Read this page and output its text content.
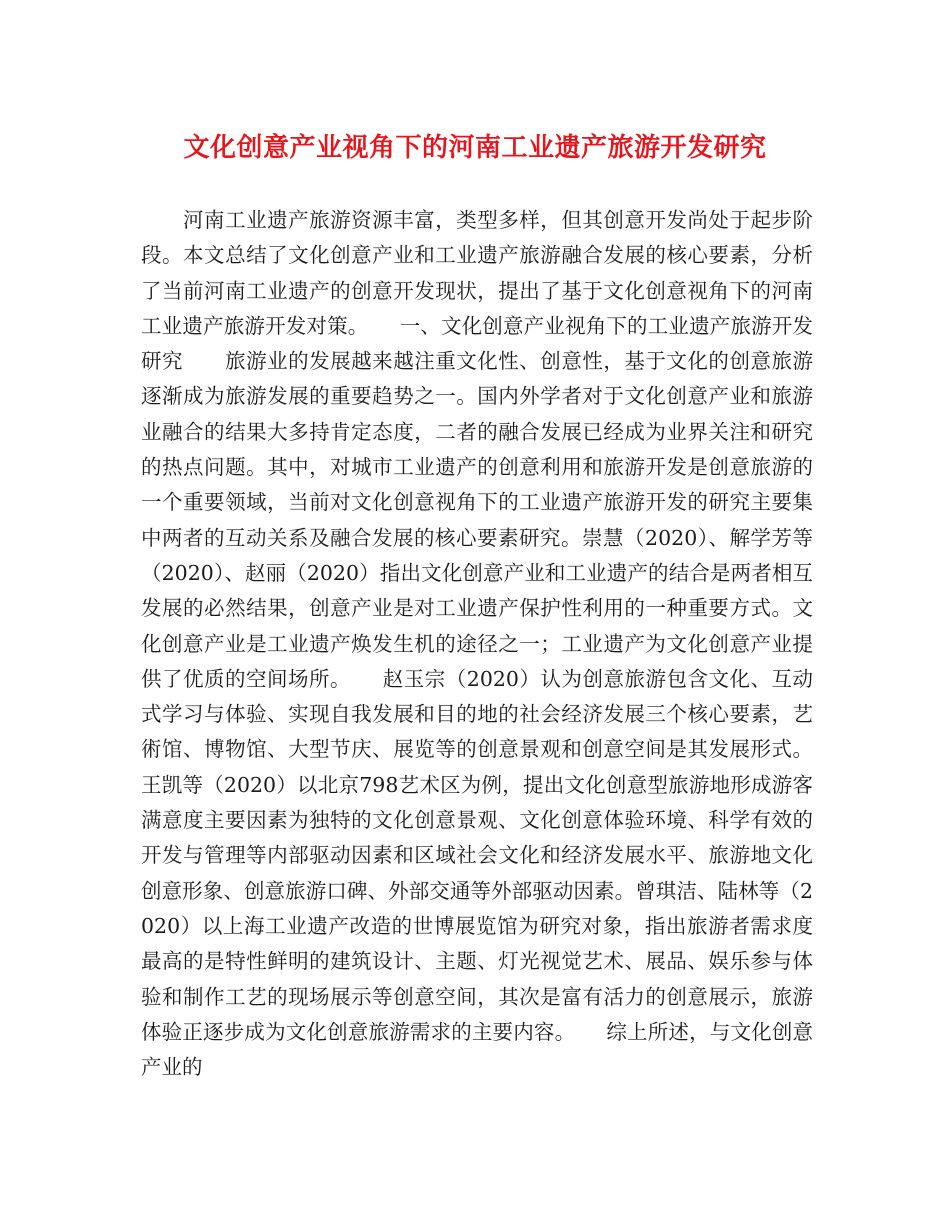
文化创意产业视角下的河南工业遗产旅游开发研究

　　河南工业遗产旅游资源丰富，类型多样，但其创意开发尚处于起步阶段。本文总结了文化创意产业和工业遗产旅游融合发展的核心要素，分析了当前河南工业遗产的创意开发现状，提出了基于文化创意视角下的河南工业遗产旅游开发对策。　　一、文化创意产业视角下的工业遗产旅游开发研究　　旅游业的发展越来越注重文化性、创意性，基于文化的创意旅游逐渐成为旅游发展的重要趋势之一。国内外学者对于文化创意产业和旅游业融合的结果大多持肯定态度，二者的融合发展已经成为业界关注和研究的热点问题。其中，对城市工业遗产的创意利用和旅游开发是创意旅游的一个重要领域，当前对文化创意视角下的工业遗产旅游开发的研究主要集中两者的互动关系及融合发展的核心要素研究。崇慧（2020）、解学芳等（2020）、赵丽（2020）指出文化创意产业和工业遗产的结合是两者相互发展的必然结果，创意产业是对工业遗产保护性利用的一种重要方式。文化创意产业是工业遗产焕发生机的途径之一；工业遗产为文化创意产业提供了优质的空间场所。　　赵玉宗（2020）认为创意旅游包含文化、互动式学习与体验、实现自我发展和目的地的社会经济发展三个核心要素，艺術馆、博物馆、大型节庆、展览等的创意景观和创意空间是其发展形式。王凯等（2020）以北京798艺术区为例，提出文化创意型旅游地形成游客满意度主要因素为独特的文化创意景观、文化创意体验环境、科学有效的开发与管理等内部驱动因素和区域社会文化和经济发展水平、旅游地文化创意形象、创意旅游口碑、外部交通等外部驱动因素。曾琪洁、陆林等（2020）以上海工业遗产改造的世博展览馆为研究对象，指出旅游者需求度最高的是特性鲜明的建筑设计、主题、灯光视觉艺术、展品、娱乐参与体验和制作工艺的现场展示等创意空间，其次是富有活力的创意展示，旅游体验正逐步成为文化创意旅游需求的主要内容。　　综上所述，与文化创意产业的
